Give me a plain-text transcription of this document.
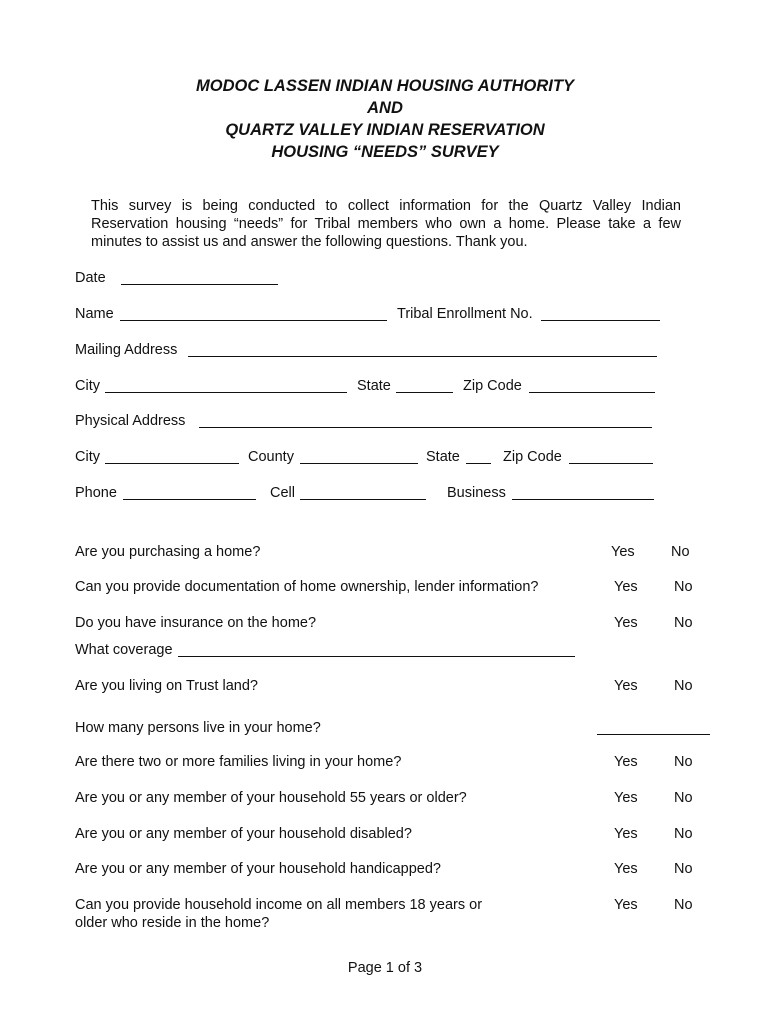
MODOC LASSEN INDIAN HOUSING AUTHORITY
AND
QUARTZ VALLEY INDIAN RESERVATION
HOUSING “NEEDS” SURVEY
This survey is being conducted to collect information for the Quartz Valley Indian Reservation housing “needs” for Tribal members who own a home. Please take a few minutes to assist us and answer the following questions. Thank you.
Date
Name	Tribal Enrollment No.
Mailing Address
City	State	Zip Code
Physical Address
City	County	State	Zip Code
Phone	Cell	Business
Are you purchasing a home?	Yes	No
Can you provide documentation of home ownership, lender information?	Yes	No
Do you have insurance on the home?	Yes	No
What coverage
Are you living on Trust land?	Yes	No
How many persons live in your home?
Are there two or more families living in your home?	Yes	No
Are you or any member of your household 55 years or older?	Yes	No
Are you or any member of your household disabled?	Yes	No
Are you or any member of your household handicapped?	Yes	No
Can you provide household income on all members 18 years or older who reside in the home?
Yes	No
Page 1 of 3
